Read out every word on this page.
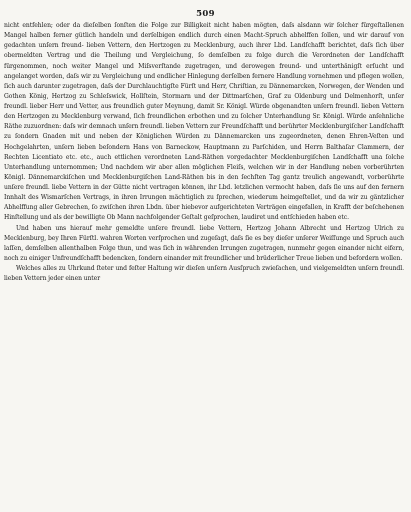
509

nicht entfehlen; oder da dieſelben ſonſten die Folge zur Billigkeit nicht haben mögten, daſs alsdann wir ſolcher fürgeſtallenen Mangel halben ferner gütlich handeln und derſelbigen endlich durch einen Macht-Spruch abhelffen ſollen, und wir darauf von gedachten unſern freund- lieben Vettern, den Hertzogen zu Mecklenburg, auch ihrer Lbd. Landſchafft berichtet, daſs ſich über obermeldten Vertrag und die Theilung und Vergleichung, ſo demſelben zu folge durch die Verordneten der Landſchafft fürgenommen, noch weiter Mangel und Miſsverſtande zugetragen, und derowegen freund- und unterthänigſt erſucht und angelanget worden, daſs wir zu Vergleichung und endlicher Hinlegung derſelben fernere Handlung vornehmen und pflegen wollen, ſich auch darunter zugetragen, daſs der Durchlauchtigſte Fürſt und Herr, Chriſtian, zu Dännemarcken, Norwegen, der Wenden und Gothen König, Hertzog zu Schleſswick, Hollſtein, Stormarn und der Dittmarſchen, Graf zu Oldenburg und Delmenhorſt, unſer freundl. lieber Herr und Vetter, aus freundlich guter Meynung, damit Sr. Königl. Würde obgenandten unſern freundl. lieben Vettern den Hertzogen zu Mecklenburg verwand, ſich freundlichen erbothen und zu ſolcher Unterhandlung Sr. Königl. Würde anſehnliche Räthe zuzuordnen: daſs wir demnach unſern freundl. lieben Vettern zur Freundſchafft und berührter Mecklenburgiſcher Landſchafft zu ſondern Gnaden mit und neben der Königlichen Würden zu Dännemarcken uns zugeordneten, denen Ehren-Veſten und Hochgelahrten, unſern lieben beſondern Hans von Barneckow, Hauptmann zu Parſchiden, und Herrn Balthaſar Clammern, der Rechten Licentiato etc. etc., auch ettlichen verordneten Land-Räthen vorgedachter Mecklenburgiſchen Landſchafft una ſolche Unterhandlung unternommen; Und nachdem wir aber allen möglichen Fleiſs, welchen wir in der Handlung neben vorberührten Königl. Dännemarckiſchen und Mecklenburgiſchen Land-Räthen bis in den ſechſten Tag gantz treulich angewandt, vorberührte unſere freundl. liebe Vettern in der Gütte nicht vertragen können, ihr Lbd. letzlichen vermocht haben, daſs ſie uns auf den fernern Innhalt des Wismarſchen Vertrags, in ihren Irrungen mächtiglich zu ſprechen, wiederum heimgeſtellet, und da wir zu gäntzlicher Abhelffung aller Gebrechen, ſo zwiſchen ihren Lbdn. über hiebevor aufgerichteten Verträgen eingefallen, in Krafft der beſchehenen Hinſtellung und als der bewilligte Ob Mann nachfolgender Geſtalt geſprochen, laudiret und entſchieden haben etc.

Und haben uns hierauf mehr gemeldte unſere freundl. liebe Vettern, Hertzog Johann Albrecht und Hertzog Ulrich zu Mecklenburg, bey Ihren Fürſtl. wahren Worten verſprochen und zugeſagt, daſs ſie es bey dieſer unſerer Weiſſunge und Spruch auch laſſen, demſelben allenthalben Folge thun, und was ſich in währenden Irrungen zugetragen, nunmehr gegen einander nicht eifern, noch zu einiger Unfreundſchafft bedencken, ſondern einander mit freundlicher und brüderlicher Treue lieben und befordern wollen.

Welches alles zu Uhrkund ſteter und feſter Haltung wir dieſen unſern Ausſpruch zwieſachen, und vielgemeldten unſern freundl. lieben Vettern jeder einen unter
